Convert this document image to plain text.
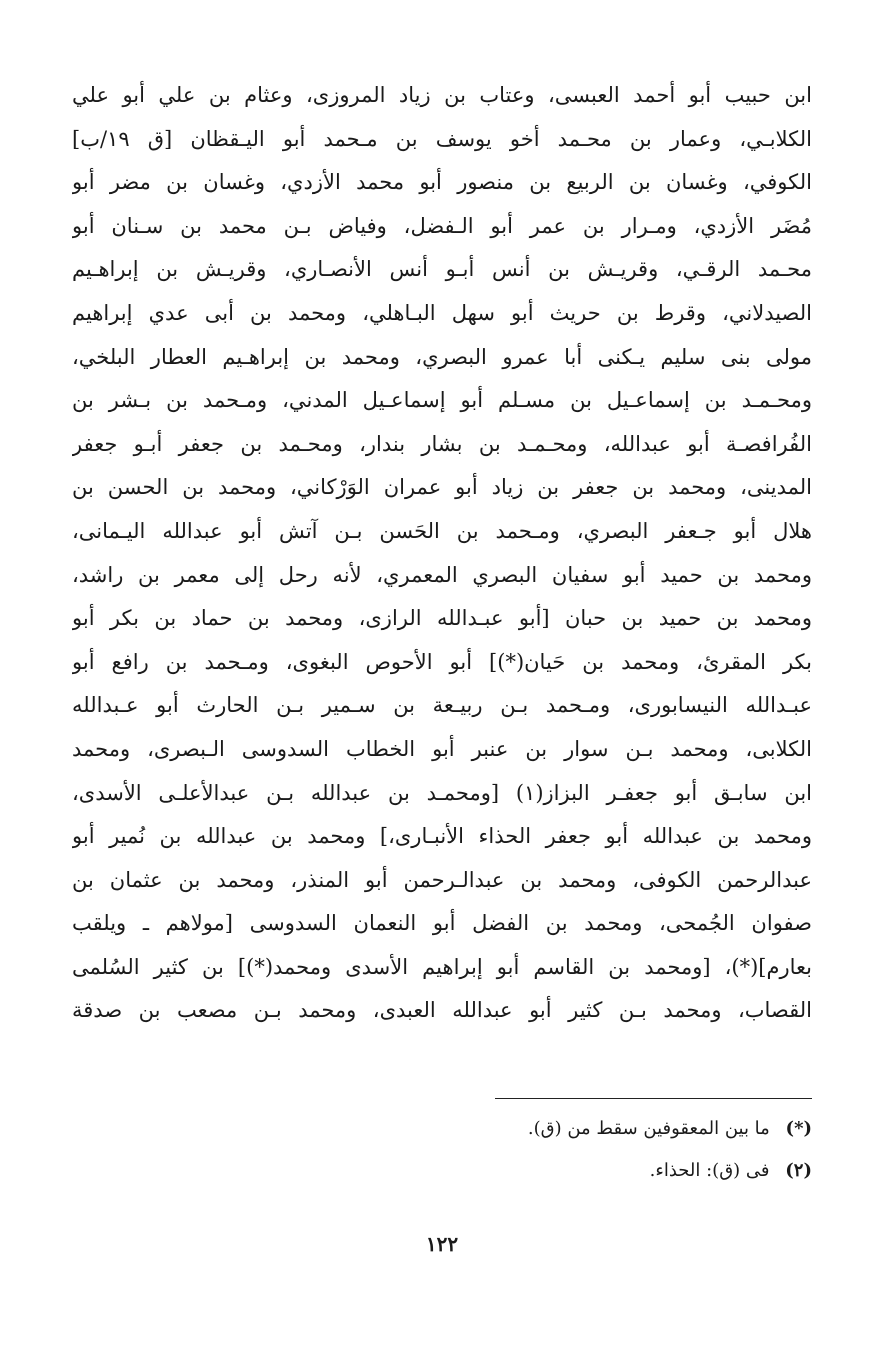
ابن حبيب أبو أحمد العبسى، وعتاب بن زياد المروزى، وعثام بن علي أبو علي
الكلابـي، وعمار بن محـمد أخو يوسف بن مـحمد أبو اليـقظان [ق ١٩/ب]
الكوفي، وغسان بن الربيع بن منصور أبو محمد الأزدي، وغسان بن مضر أبو
مُضَر الأزدي، ومـرار بن عمر أبو الـفضل، وفياض بـن محمد بن سـنان أبو
محـمد الرقـي، وقريـش بن أنس أبـو أنس الأنصـاري، وقريـش بن إبراهـيم
الصيدلاني، وقرط بن حريث أبو سهل البـاهلي، ومحمد بن أبى عدي إبراهيم
مولى بنى سليم يـكنى أبا عمرو البصري، ومحمد بن إبراهـيم العطار البلخي،
ومحـمـد بن إسماعـيل بن مسـلم أبو إسماعـيل المدني، ومـحمد بن بـشر بن
الفُرافصـة أبو عبدالله، ومحـمـد بن بشار بندار، ومحـمد بن جعفر أبـو جعفر
المدينى، ومحمد بن جعفر بن زياد أبو عمران الوَرْكاني، ومحمد بن الحسن بن
هلال أبو جـعفر البصري، ومـحمد بن الحَسن بـن آتش أبو عبدالله اليـمانى،
ومحمد بن حميد أبو سفيان البصري المعمري، لأنه رحل إلى معمر بن راشد،
ومحمد بن حميد بن حبان [أبو عبـدالله الرازى، ومحمد بن حماد بن بكر أبو
بكر المقرئ، ومحمد بن حَيان(*)] أبو الأحوص البغوى، ومـحمد بن رافع أبو
عبـدالله النيسابورى، ومـحمد بـن ربيـعة بن سـمير بـن الحارث أبو عـبدالله
الكلابى، ومحمد بـن سوار بن عنبر أبو الخطاب السدوسى الـبصرى، ومحمد
ابن سابـق أبو جعفـر البزاز(١) [ومحمـد بن عبدالله بـن عبدالأعلـى الأسدى،
ومحمد بن عبدالله أبو جعفر الحذاء الأنبـارى،] ومحمد بن عبدالله بن نُمير أبو
عبدالرحمن الكوفى، ومحمد بن عبدالـرحمن أبو المنذر، ومحمد بن عثمان بن
صفوان الجُمحى، ومحمد بن الفضل أبو النعمان السدوسى [مولاهم ـ ويلقب
بعارم](*)، [ومحمد بن القاسم أبو إبراهيم الأسدى ومحمد(*)] بن كثير السُلمى
القصاب، ومحمد بـن كثير أبو عبدالله العبدى، ومحمد بـن مصعب بن صدقة
(*) ما بين المعقوفين سقط من (ق).
(٢) فى (ق): الحذاء.
١٢٢
